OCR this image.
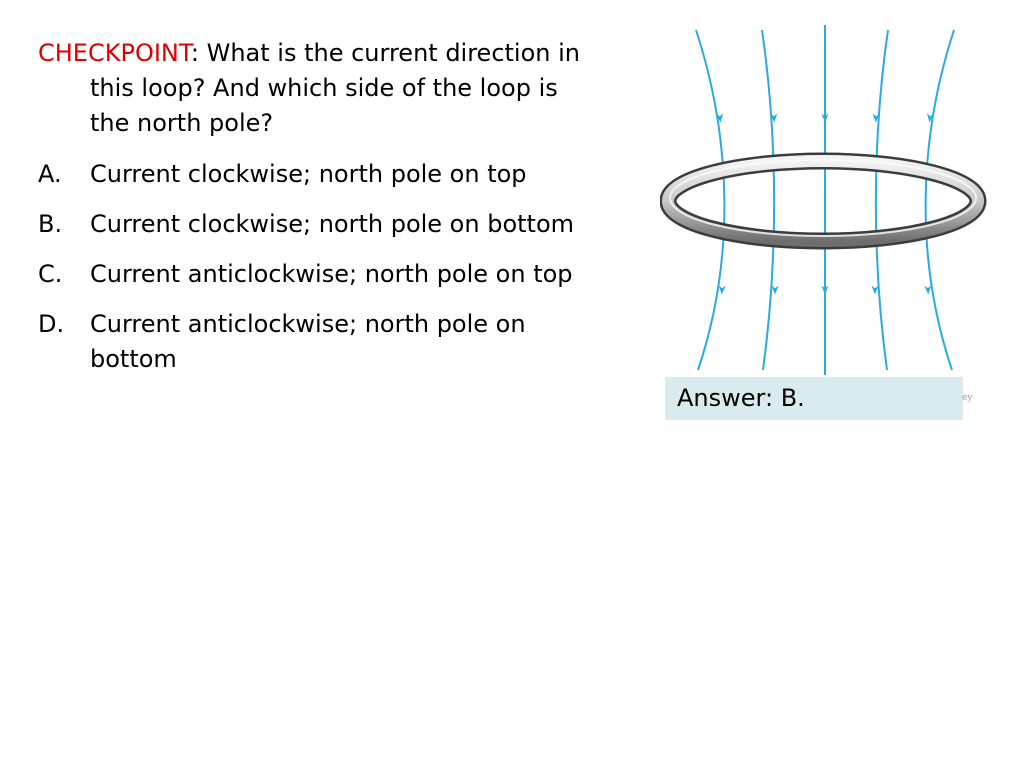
CHECKPOINT: What is the current direction in this loop? And which side of the loop is the north pole?
A. Current clockwise; north pole on top
B. Current clockwise; north pole on bottom
C. Current anticlockwise; north pole on top
D. Current anticlockwise; north pole on bottom
Answer: B.	ey
